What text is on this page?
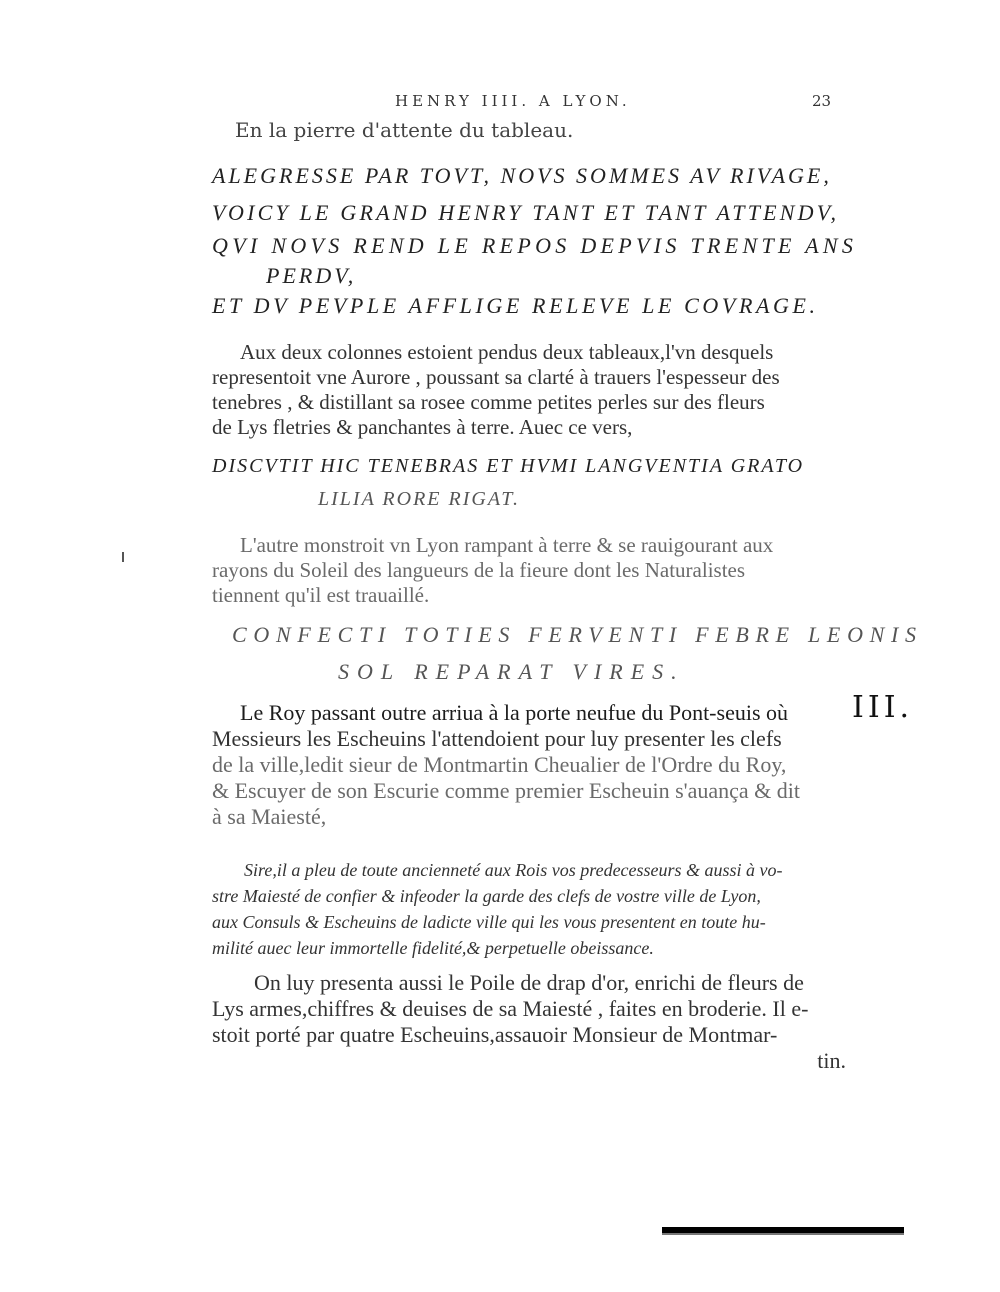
HENRY IIII. A LYON.	23
En la pierre d'attente du tableau.
ALEGRESSE PAR TOVT, NOVS SOMMES AV RIVAGE,
VOICY LE GRAND HENRY TANT ET TANT ATTENDV,
QVI NOVS REND LE REPOS DEPVIS TRENTE ANS
PERDV,
ET DV PEVPLE AFFLIGE RELEVE LE COVRAGE.
Aux deux colonnes estoient pendus deux tableaux,l'vn desquels
representoit vne Aurore , poussant sa clarté à trauers l'espesseur des
tenebres , & distillant sa rosee comme petites perles sur des fleurs
de Lys fletries & panchantes à terre. Auec ce vers,
DISCVTIT HIC TENEBRAS ET HVMI LANGVENTIA GRATO
LILIA RORE RIGAT.
L'autre monstroit vn Lyon rampant à terre & se rauigourant aux
rayons du Soleil des langueurs de la fieure dont les Naturalistes
tiennent qu'il est trauaillé.
CONFECTI TOTIES FERVENTI FEBRE LEONIS
SOL REPARAT VIRES.
III.
Le Roy passant outre arriua à la porte neufue du Pont-seuis où
Messieurs les Escheuins l'attendoient pour luy presenter les clefs
de la ville,ledit sieur de Montmartin Cheualier de l'Ordre du Roy,
& Escuyer de son Escurie comme premier Escheuin s'auança & dit
à sa Maiesté,
Sire,il a pleu de toute ancienneté aux Rois vos predecesseurs & aussi à vo-
stre Maiesté de confier & infeoder la garde des clefs de vostre ville de Lyon,
aux Consuls & Escheuins de ladicte ville qui les vous presentent en toute hu-
milité auec leur immortelle fidelité,& perpetuelle obeissance.
On luy presenta aussi le Poile de drap d'or, enrichi de fleurs de
Lys armes,chiffres & deuises de sa Maiesté , faites en broderie. Il e-
stoit porté par quatre Escheuins,assauoir Monsieur de Montmar-
tin.
